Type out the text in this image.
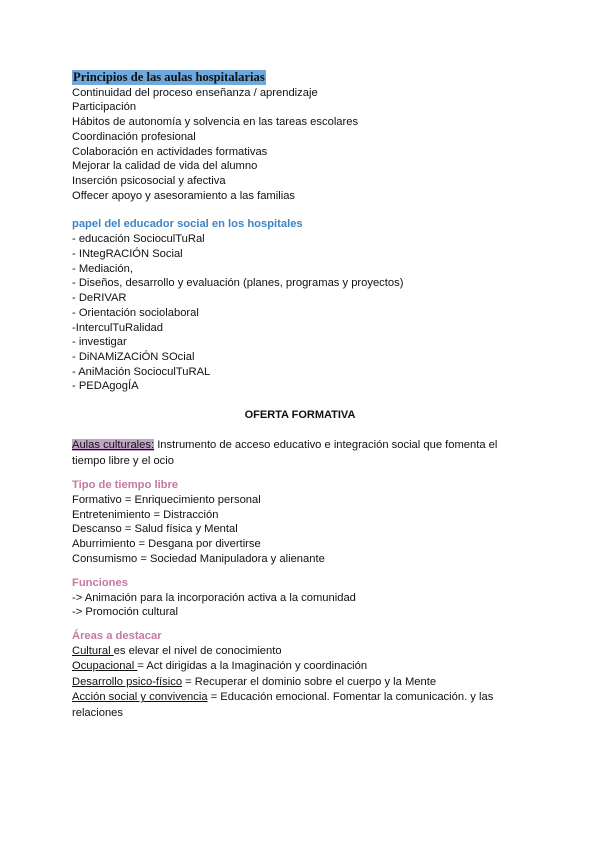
Principios de las aulas hospitalarias
Continuidad del proceso enseñanza / aprendizaje
Participación
Hábitos de autonomía y solvencia en las tareas escolares
Coordinación profesional
Colaboración en actividades formativas
Mejorar la calidad de vida del alumno
Inserción psicosocial y afectiva
Offecer apoyo y asesoramiento a las familias
papel del educador social en los hospitales
- educación SocioculTuRal
- INtegRACIÓN Social
- Mediación,
- Diseños, desarrollo y evaluación (planes, programas y proyectos)
- DeRIVAR
- Orientación sociolaboral
-InterculTuRalidad
- investigar
- DiNAMiZACiÓN SOcial
- AniMación SocioculTuRAL
- PEDAgogÍA
OFERTA FORMATIVA
Aulas culturales: Instrumento de acceso educativo e integración social que fomenta el tiempo libre y el ocio
Tipo de tiempo libre
Formativo = Enriquecimiento personal
Entretenimiento = Distracción
Descanso = Salud física y Mental
Aburrimiento = Desgana por divertirse
Consumismo = Sociedad Manipuladora y alienante
Funciones
-> Animación para la incorporación activa a la comunidad
-> Promoción cultural
Áreas a destacar
Cultural es elevar el nivel de conocimiento
Ocupacional = Act dirigidas a la Imaginación y coordinación
Desarrollo psico-físico = Recuperar el dominio sobre el cuerpo y la Mente
Acción social y convivencia = Educación emocional. Fomentar la comunicación. y las relaciones
